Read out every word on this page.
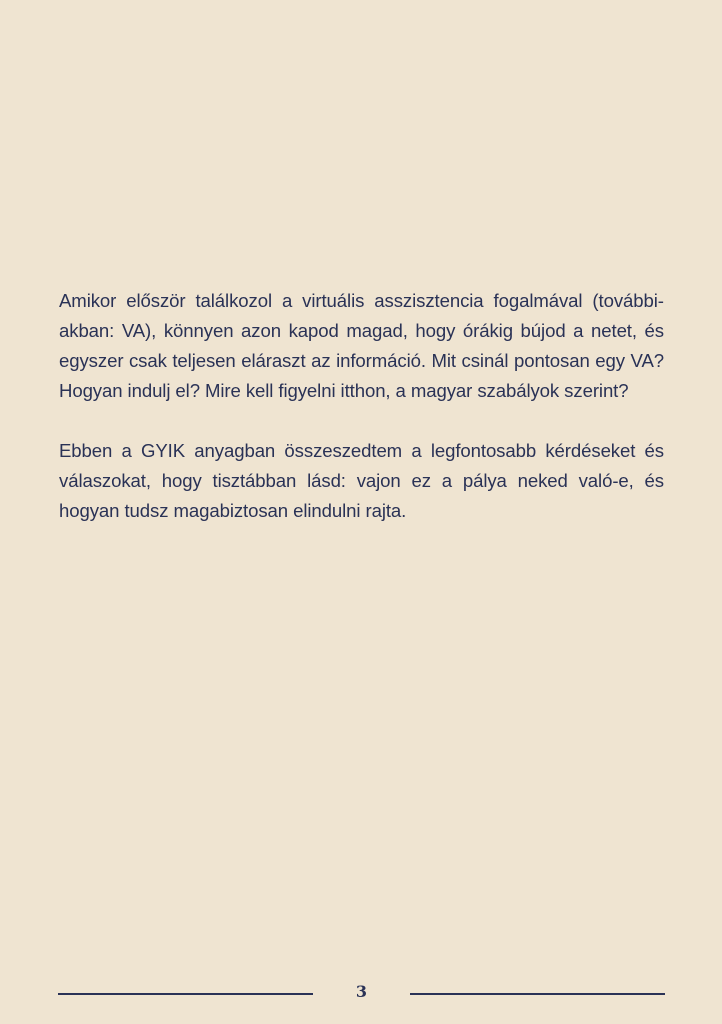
Amikor először találkozol a virtuális asszisztencia fogalmával (továbbiakban: VA), könnyen azon kapod magad, hogy órákig bújod a netet, és egyszer csak teljesen eláraszt az információ. Mit csinál pontosan egy VA? Hogyan indulj el? Mire kell figyelni itthon, a magyar szabályok szerint?

Ebben a GYIK anyagban összeszedtem a legfontosabb kérdéseket és válaszokat, hogy tisztábban lásd: vajon ez a pálya neked való-e, és hogyan tudsz magabiztosan elindulni rajta.

3
